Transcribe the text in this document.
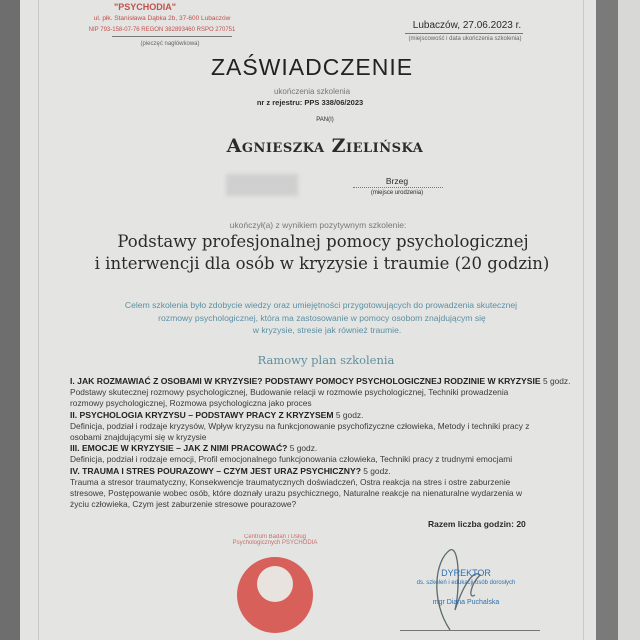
"PSYCHODIA"
ul. płk. Stanisława Dąbka 2b, 37-600 Lubaczów
NIP 793-158-07-76 REGON 382893460 RSPO 270751
(pieczęć nagłówkowa)
Lubaczów, 27.06.2023 r.
(miejscowość i data ukończenia szkolenia)
ZAŚWIADCZENIE
ukończenia szkolenia
nr z rejestru: PPS 338/06/2023
PAN(I)
Agnieszka Zielińska
Brzeg
(miejsce urodzenia)
ukończył(a) z wynikiem pozytywnym szkolenie:
Podstawy profesjonalnej pomocy psychologicznej
i interwencji dla osób w kryzysie i traumie (20 godzin)
Celem szkolenia było zdobycie wiedzy oraz umiejętności przygotowujących do prowadzenia skutecznej
rozmowy psychologicznej, która ma zastosowanie w pomocy osobom znajdującym się
w kryzysie, stresie jak również traumie.
Ramowy plan szkolenia
I. JAK ROZMAWIAĆ Z OSOBAMI W KRYZYSIE? PODSTAWY POMOCY PSYCHOLOGICZNEJ RODZINIE W KRYZYSIE 5 godz.
Podstawy skutecznej rozmowy psychologicznej, Budowanie relacji w rozmowie psychologicznej, Techniki prowadzenia rozmowy psychologicznej, Rozmowa psychologiczna jako proces
II. PSYCHOLOGIA KRYZYSU – PODSTAWY PRACY Z KRYZYSEM 5 godz.
Definicja, podział i rodzaje kryzysów, Wpływ kryzysu na funkcjonowanie psychofizyczne człowieka, Metody i techniki pracy z osobami znajdującymi się w kryzysie
III. EMOCJE W KRYZYSIE – JAK Z NIMI PRACOWAĆ? 5 godz.
Definicja, podział i rodzaje emocji, Profil emocjonalnego funkcjonowania człowieka, Techniki pracy z trudnymi emocjami
IV. TRAUMA I STRES POURAZOWY – CZYM JEST URAZ PSYCHICZNY? 5 godz.
Trauma a stresor traumatyczny, Konsekwencje traumatycznych doświadczeń, Ostra reakcja na stres i ostre zaburzenie stresowe, Postępowanie wobec osób, które doznały urazu psychicznego, Naturalne reakcje na nienaturalne wydarzenia w życiu człowieka, Czym jest zaburzenie stresowe pourazowe?
Razem liczba godzin: 20
Centrum Badań i Usług Psychologicznych PSYCHODIA
DYREKTOR
ds. szkoleń i edukacji osób dorosłych
mgr Diana Puchalska
